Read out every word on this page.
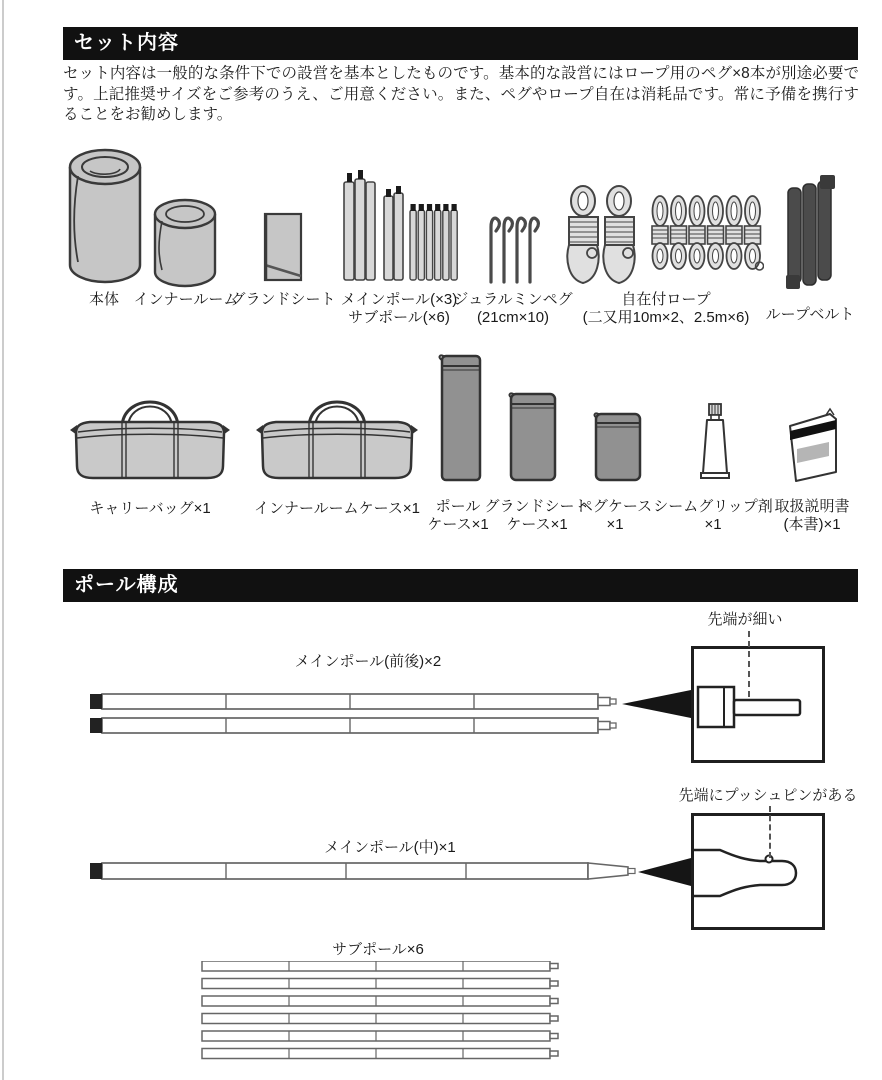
セット内容

セット内容は一般的な条件下での設営を基本としたものです。基本的な設営にはロープ用のペグ×8本が別途必要です。上記推奨サイズをご参考のうえ、ご用意ください。また、ペグやロープ自在は消耗品です。常に予備を携行することをお勧めします。

本体 インナールーム
グランドシート メインポール(×3)
サブポール(×6)
ジュラルミンペグ
(21cm×10)
自在付ロープ
(二又用10m×2、2.5m×6) ループベルト
キャリーバッグ×1	インナールームケース×1 ポール
ケース×1
グランドシート
ケース×1
ペグケース
×1
シームグリップ剤
×1
取扱説明書
(本書)×1
ポール構成
先端が細い
メインポール(前後)×2
先端にプッシュピンがある
メインポール(中)×1
サブポール×6
